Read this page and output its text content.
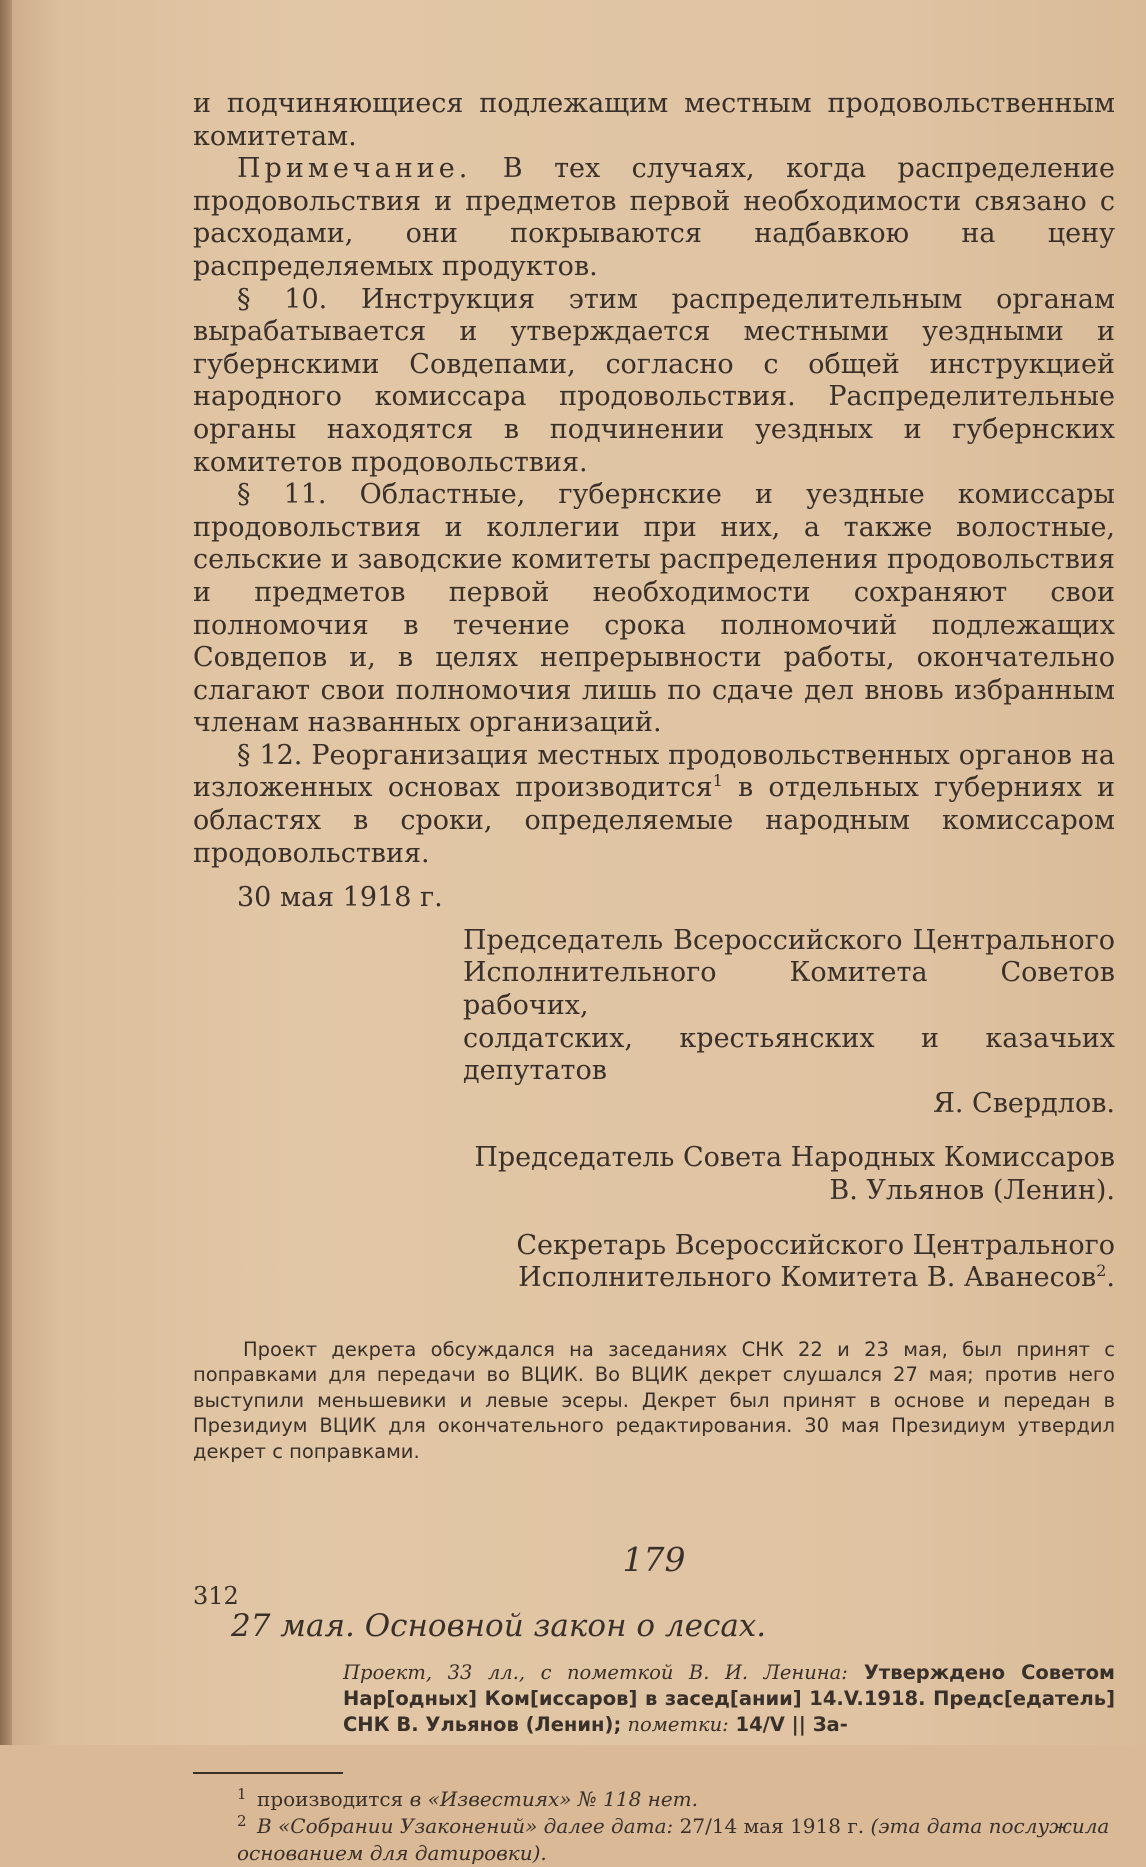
и подчиняющиеся подлежащим местным продовольственным комитетам.

Примечание. В тех случаях, когда распределение продовольствия и предметов первой необходимости связано с расходами, они покрываются надбавкою на цену распределяемых продуктов.

§ 10. Инструкция этим распределительным органам вырабатывается и утверждается местными уездными и губернскими Совдепами, согласно с общей инструкцией народного комиссара продовольствия. Распределительные органы находятся в подчинении уездных и губернских комитетов продовольствия.

§ 11. Областные, губернские и уездные комиссары продовольствия и коллегии при них, а также волостные, сельские и заводские комитеты распределения продовольствия и предметов первой необходимости сохраняют свои полномочия в течение срока полномочий подлежащих Совдепов и, в целях непрерывности работы, окончательно слагают свои полномочия лишь по сдаче дел вновь избранным членам названных организаций.

§ 12. Реорганизация местных продовольственных органов на изложенных основах производится$^1$ в отдельных губерниях и областях в сроки, определяемые народным комиссаром продовольствия.

30 мая 1918 г.
Председатель Всероссийского Центрального
Исполнительного Комитета Советов рабочих,
солдатских, крестьянских и казачьих депутатов
Я. Свердлов.
Председатель Совета Народных Комиссаров
В. Ульянов (Ленин).
Секретарь Всероссийского Центрального
Исполнительного Комитета В. Аванесов$^2$.

Проект декрета обсуждался на заседаниях СНК 22 и 23 мая, был принят с поправками для передачи во ВЦИК. Во ВЦИК декрет слушался 27 мая; против него выступили меньшевики и левые эсеры. Декрет был принят в основе и передан в Президиум ВЦИК для окончательного редактирования. 30 мая Президиум утвердил декрет с поправками.

179
27 мая. Основной закон о лесах.
Проект, 33 лл., с пометкой В. И. Ленина: Утверждено Советом Нар[одных] Ком[иссаров] в засед[ании] 14.V.1918. Предс[едатель] СНК В. Ульянов (Ленин); пометки: 14/V || За-
1 производится в «Известиях» № 118 нет.
2 В «Собрании Узаконений» далее дата: 27/14 мая 1918 г. (эта дата послужила основанием для датировки).
312
